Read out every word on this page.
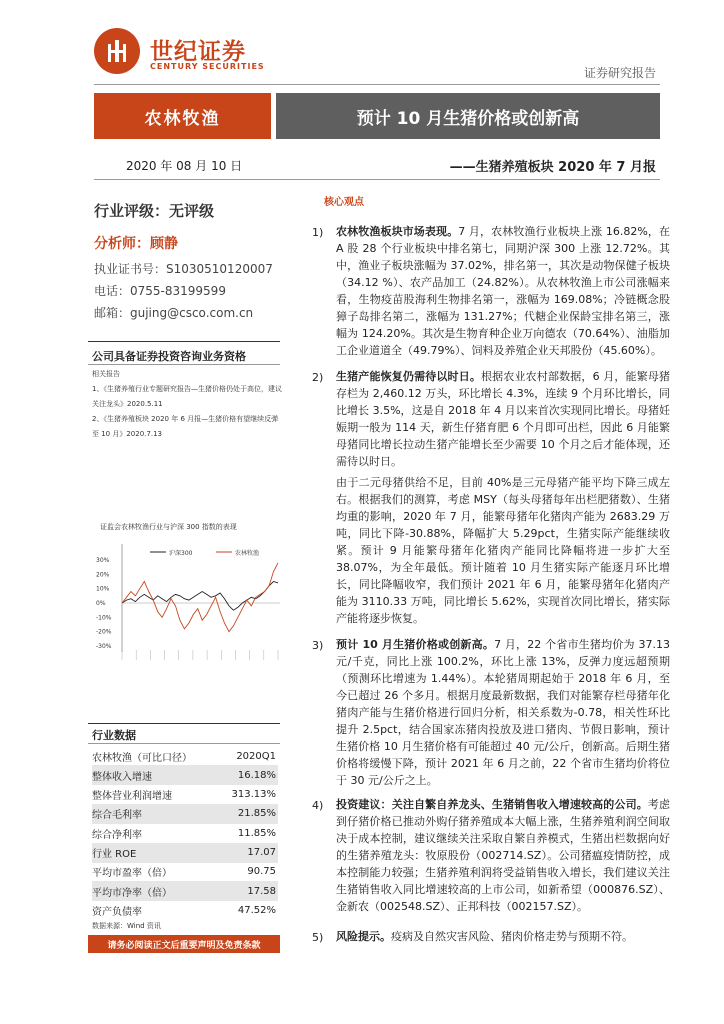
世纪证券
CENTURY SECURITIES	证券研究报告
农林牧渔	预计 10 月生猪价格或创新高
2020 年 08 月 10 日	——生猪养殖板块 2020 年 7 月报
行业评级：无评级
分析师：顾静
执业证书号：S1030510120007
电话：0755-83199599
邮箱：gujing@csco.com.cn
公司具备证券投资咨询业务资格
相关报告
1、《生猪养殖行业专题研究报告—生猪价格仍处于高位，建议关注龙头》2020.5.11
2、《生猪养殖板块 2020 年 6 月报—生猪价格有望继续反弹至 10 月》2020.7.13
证监会农林牧渔行业与沪深 300 指数的表现
30%
20%
10%
0%
-10%
-20%
-30%
沪深300	农林牧渔
行业数据
农林牧渔（可比口径）	2020Q1
整体收入增速	16.18%
整体营业利润增速	313.13%
综合毛利率	21.85%
综合净利率	11.85%
行业 ROE	17.07
平均市盈率（倍）	90.75
平均市净率（倍）	17.58
资产负债率	47.52%
数据来源：Wind 资讯
请务必阅读正文后重要声明及免责条款
核心观点
1) 农林牧渔板块市场表现。7 月，农林牧渔行业板块上涨 16.82%，在 A 股 28 个行业板块中排名第七，同期沪深 300 上涨 12.72%。其中，渔业子板块涨幅为 37.02%，排名第一，其次是动物保健子板块（34.12 %）、农产品加工（24.82%）。从农林牧渔上市公司涨幅来看，生物疫苗股海利生物排名第一，涨幅为 169.08%；冷链概念股獐子岛排名第二，涨幅为 131.27%；代糖企业保龄宝排名第三，涨幅为 124.20%。其次是生物育种企业万向德农（70.64%）、油脂加工企业道道全（49.79%）、饲料及养殖企业天邦股份（45.60%）。
2) 生猪产能恢复仍需待以时日。根据农业农村部数据，6 月，能繁母猪存栏为 2,460.12 万头，环比增长 4.3%，连续 9 个月环比增长，同比增长 3.5%，这是自 2018 年 4 月以来首次实现同比增长。母猪妊娠期一般为 114 天，新生仔猪育肥 6 个月即可出栏，因此 6 月能繁母猪同比增长拉动生猪产能增长至少需要 10 个月之后才能体现，还需待以时日。
由于二元母猪供给不足，目前 40%是三元母猪产能平均下降三成左右。根据我们的测算，考虑 MSY（每头母猪每年出栏肥猪数）、生猪均重的影响，2020 年 7 月，能繁母猪年化猪肉产能为 2683.29 万吨，同比下降-30.88%，降幅扩大 5.29pct，生猪实际产能继续收紧。预计 9 月能繁母猪年化猪肉产能同比降幅将进一步扩大至 38.07%，为全年最低。预计随着 10 月生猪实际产能逐月环比增长，同比降幅收窄，我们预计 2021 年 6 月，能繁母猪年化猪肉产能为 3110.33 万吨，同比增长 5.62%，实现首次同比增长，猪实际产能将逐步恢复。
3) 预计 10 月生猪价格或创新高。7 月，22 个省市生猪均价为 37.13 元/千克，同比上涨 100.2%，环比上涨 13%，反弹力度远超预期（预测环比增速为 1.44%）。本轮猪周期起始于 2018 年 6 月，至今已超过 26 个多月。根据月度最新数据，我们对能繁存栏母猪年化猪肉产能与生猪价格进行回归分析，相关系数为-0.78，相关性环比提升 2.5pct，结合国家冻猪肉投放及进口猪肉、节假日影响，预计生猪价格 10 月生猪价格有可能超过 40 元/公斤，创新高。后期生猪价格将缓慢下降，预计 2021 年 6 月之前，22 个省市生猪均价将位于 30 元/公斤之上。
4) 投资建议：关注自繁自养龙头、生猪销售收入增速较高的公司。考虑到仔猪价格已推动外购仔猪养殖成本大幅上涨，生猪养殖利润空间取决于成本控制，建议继续关注采取自繁自养模式，生猪出栏数据向好的生猪养殖龙头：牧原股份（002714.SZ）。公司猪瘟疫情防控，成本控制能力较强；生猪养殖利润将受益销售收入增长，我们建议关注生猪销售收入同比增速较高的上市公司，如新希望（000876.SZ）、金新农（002548.SZ）、正邦科技（002157.SZ）。
5) 风险提示。疫病及自然灾害风险、猪肉价格走势与预期不符。
